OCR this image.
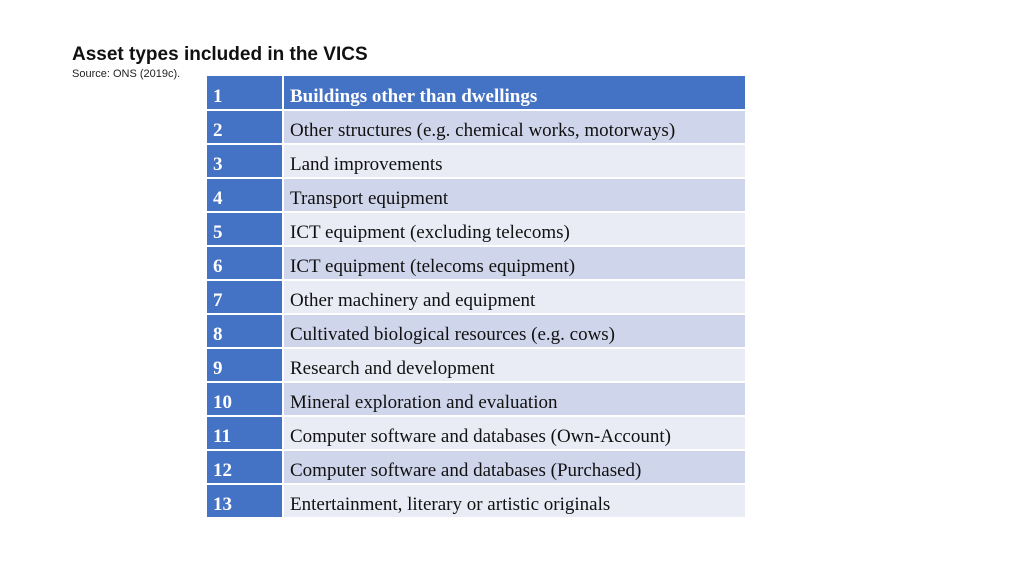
Asset types included in the VICS

Source: ONS (2019c).

1	Buildings other than dwellings
2	Other structures (e.g. chemical works, motorways)
3	Land improvements
4	Transport equipment
5	ICT equipment (excluding telecoms)
6	ICT equipment (telecoms equipment)
7	Other machinery and equipment
8	Cultivated biological resources (e.g. cows)
9	Research and development
10	Mineral exploration and evaluation
11	Computer software and databases (Own-Account)
12	Computer software and databases (Purchased)
13	Entertainment, literary or artistic originals
